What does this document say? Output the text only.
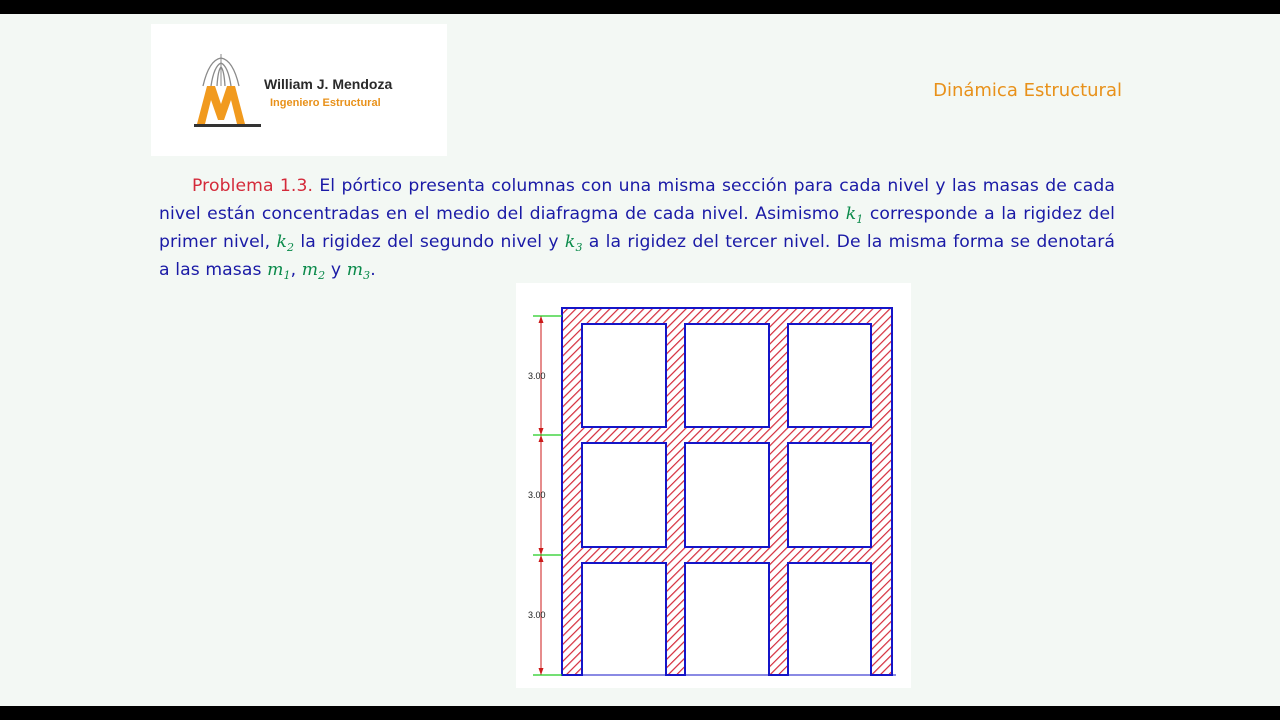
William J. Mendoza
Ingeniero Estructural
Dinámica Estructural
Problema 1.3. El pórtico presenta columnas con una misma sección para cada nivel y las masas de cada nivel están concentradas en el medio del diafragma de cada nivel. Asimismo $k_1$ corresponde a la rigidez del primer nivel, $k_2$ la rigidez del segundo nivel y $k_3$ a la rigidez del tercer nivel. De la misma forma se denotará a las masas $m_1$, $m_2$ y $m_3$.
3.00
3.00
3.00
